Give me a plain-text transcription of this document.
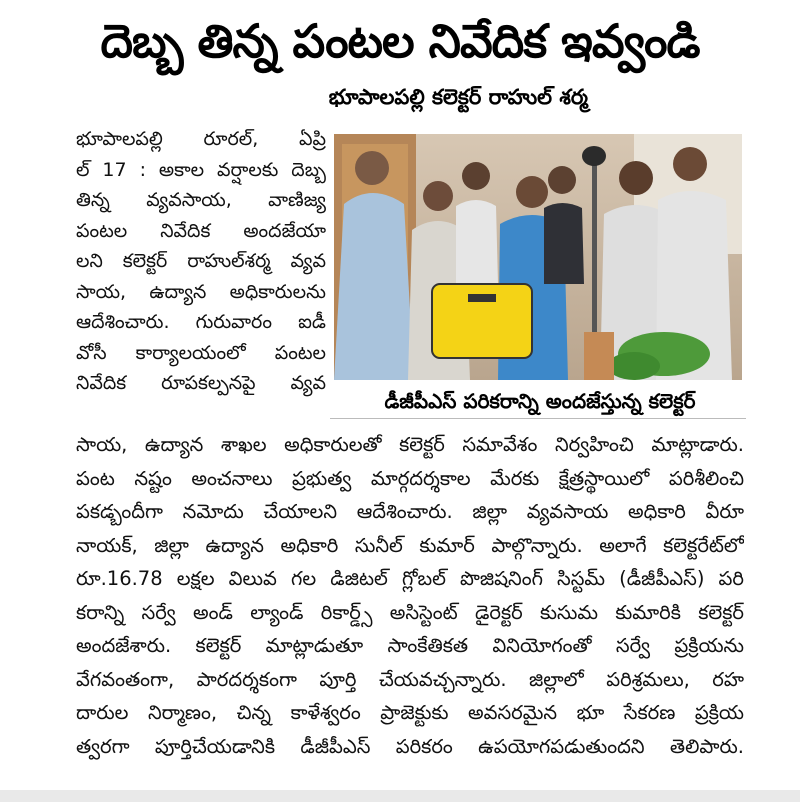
దెబ్బ తిన్న పంటల నివేదిక ఇవ్వండి
భూపాలపల్లి కలెక్టర్ రాహుల్ శర్మ
భూపాలపల్లి రూరల్, ఏప్రి
ల్ 17 : అకాల వర్షాలకు దెబ్బ
తిన్న వ్యవసాయ, వాణిజ్య
పంటల నివేదిక అందజేయా
లని కలెక్టర్ రాహుల్‌శర్మ వ్యవ
సాయ, ఉద్యాన అధికారులను
ఆదేశించారు. గురువారం ఐడీ
వోసీ కార్యాలయంలో పంటల
నివేదిక రూపకల్పనపై వ్యవ
డీజీపీఎస్ పరికరాన్ని అందజేస్తున్న కలెక్టర్
సాయ, ఉద్యాన శాఖల అధికారులతో కలెక్టర్ సమావేశం నిర్వహించి మాట్లాడారు.
పంట నష్టం అంచనాలు ప్రభుత్వ మార్గదర్శకాల మేరకు క్షేత్రస్థాయిలో పరిశీలించి
పకడ్బందీగా నమోదు చేయాలని ఆదేశించారు. జిల్లా వ్యవసాయ అధికారి వీరూ
నాయక్, జిల్లా ఉద్యాన అధికారి సునీల్ కుమార్ పాల్గొన్నారు. అలాగే కలెక్టరేట్‌లో
రూ.16.78 లక్షల విలువ గల డిజిటల్ గ్లోబల్ పొజిషనింగ్ సిస్టమ్ (డీజీపీఎస్) పరి
కరాన్ని సర్వే అండ్ ల్యాండ్ రికార్డ్స్ అసిస్టెంట్ డైరెక్టర్ కుసుమ కుమారికి కలెక్టర్
అందజేశారు. కలెక్టర్ మాట్లాడుతూ సాంకేతికత వినియోగంతో సర్వే ప్రక్రియను
వేగవంతంగా, పారదర్శకంగా పూర్తి చేయవచ్చన్నారు. జిల్లాలో పరిశ్రమలు, రహ
దారుల నిర్మాణం, చిన్న కాళేశ్వరం ప్రాజెక్టుకు అవసరమైన భూ సేకరణ ప్రక్రియ
త్వరగా పూర్తిచేయడానికి డీజీపీఎస్ పరికరం ఉపయోగపడుతుందని తెలిపారు.
